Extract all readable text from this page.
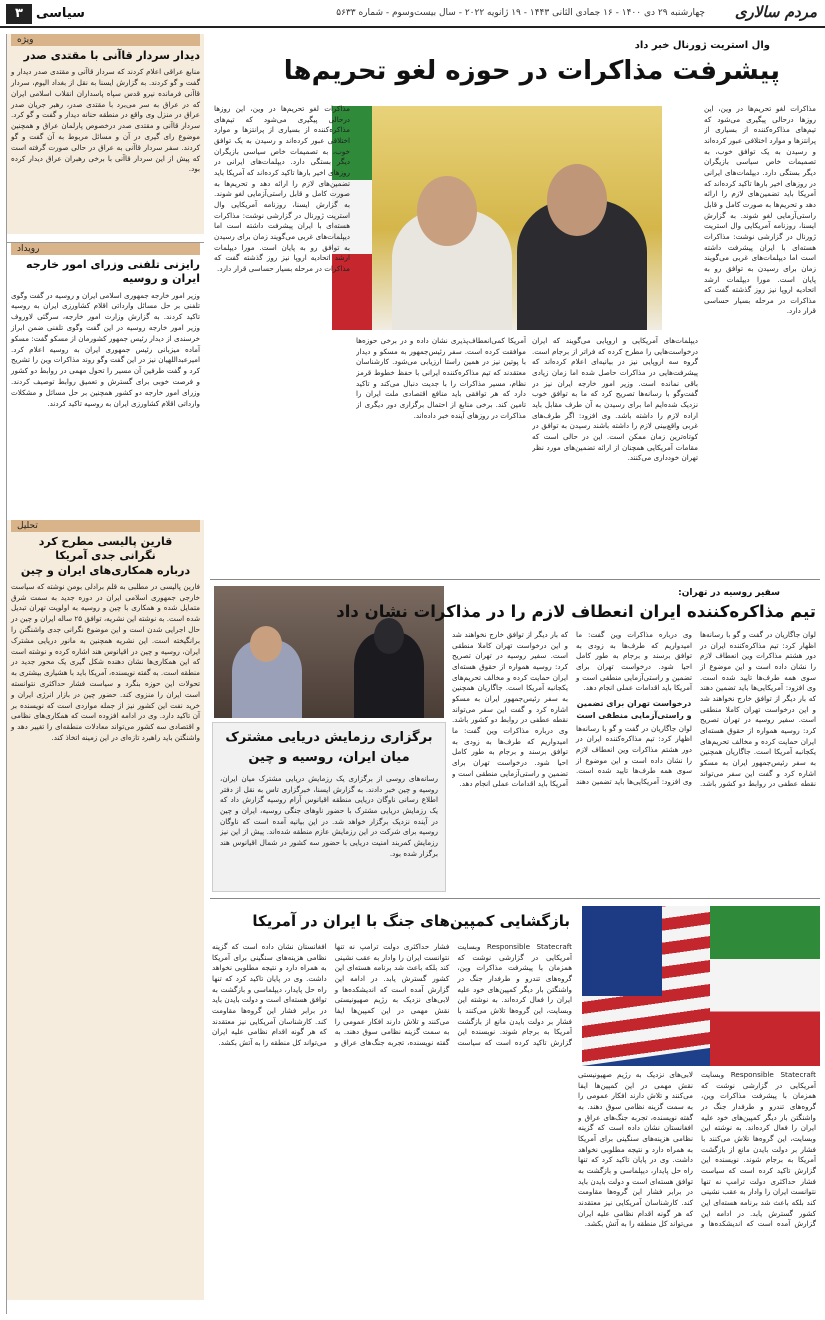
مردم سالاری
چهارشنبه ۲۹ دی ۱۴۰۰ - ۱۶ جمادی الثانی ۱۴۴۳ - ۱۹ ژانویه ۲۰۲۲ - سال بیست‌وسوم - شماره ۵۶۳۳
سیاسی
۳
ویژه
دیدار سردار قاآنی با مقتدی صدر
منابع عراقی اعلام کردند که سردار قاآنی و مقتدی صدر دیدار و گفت و گو کردند. به گزارش ایسنا به نقل از بغداد الیوم، سردار قاآنی فرمانده نیرو قدس سپاه پاسداران انقلاب اسلامی ایران که در عراق به سر می‌برد با مقتدی صدر، رهبر جریان صدر عراق در منزل وی واقع در منطقه حنانه دیدار و گفت و گو کرد. سردار قاآنی و مقتدی صدر درخصوص پارلمان عراق و همچنین موضوع رای گیری در آن و مسائل مربوط به آن گفت و گو کردند. سفر سردار قاآنی به عراق در حالی صورت گرفته است که پیش از این سردار قاآنی با برخی رهبران عراق دیدار کرده بود.
رویداد
رایزنی تلفنی وزرای امور خارجه ایران و روسیه
وزیر امور خارجه جمهوری اسلامی ایران و روسیه در گفت وگوی تلفنی بر حل مسائل وارداتی اقلام کشاورزی ایران به روسیه تاکید کردند. به گزارش وزارت امور خارجه، سرگئی لاوروف وزیر امور خارجه روسیه در این گفت وگوی تلفنی ضمن ابراز خرسندی از دیدار رئیس جمهور کشورمان از مسکو گفت: مسکو آماده میزبانی رئیس جمهوری ایران به روسیه اعلام کرد. امیرعبداللهیان نیز در این گفت وگو روند مذاکرات وین را تشریح کرد و گفت طرفین آن مسیر را تحول مهمی در روابط دو کشور و فرصت خوبی برای گسترش و تعمیق روابط توصیف کردند. وزرای امور خارجه دو کشور همچنین بر حل مسائل و مشکلات وارداتی اقلام کشاورزی ایران به روسیه تاکید کردند.
تحلیل
قارین پالیسی مطرح کرد
نگرانی جدی آمریکا
درباره همکاری‌های ایران و چین
فارین پالیسی در مطلبی به قلم برادلی بومن نوشته که سیاست خارجی جمهوری اسلامی ایران در دوره جدید به سمت شرق متمایل شده و همکاری با چین و روسیه به اولویت تهران تبدیل شده است. به نوشته این نشریه، توافق ۲۵ ساله ایران و چین در حال اجرایی شدن است و این موضوع نگرانی جدی واشنگتن را برانگیخته است. این نشریه همچنین به مانور دریایی مشترک ایران، روسیه و چین در اقیانوس هند اشاره کرده و نوشته است که این همکاری‌ها نشان دهنده شکل گیری یک محور جدید در منطقه است. به گفته نویسنده، آمریکا باید با هشیاری بیشتری به تحولات این حوزه بنگرد و سیاست فشار حداکثری نتوانسته است ایران را منزوی کند. حضور چین در بازار انرژی ایران و خرید نفت این کشور نیز از جمله مواردی است که نویسنده بر آن تاکید دارد. وی در ادامه افزوده است که همکاری‌های نظامی و اقتصادی سه کشور می‌تواند معادلات منطقه‌ای را تغییر دهد و واشنگتن باید راهبرد تازه‌ای در این زمینه اتخاذ کند.
وال استریت ژورنال خبر داد
پیشرفت مذاکرات در حوزه لغو تحریم‌ها
مذاکرات لغو تحریم‌ها در وین، این روزها درحالی پیگیری می‌شود که تیم‌های مذاکره‌کننده از بسیاری از پرانتزها و موارد اختلافی عبور کرده‌اند و رسیدن به یک توافق خوب، به تصمیمات خاص سیاسی بازیگران دیگر بستگی دارد. دیپلمات‌های ایرانی در روزهای اخیر بارها تاکید کرده‌اند که آمریکا باید تضمین‌های لازم را ارائه دهد و تحریم‌ها به صورت کامل و قابل راستی‌آزمایی لغو شوند. به گزارش ایسنا، روزنامه آمریکایی وال استریت ژورنال در گزارشی نوشت: مذاکرات هسته‌ای با ایران پیشرفت داشته است اما دیپلمات‌های غربی می‌گویند زمان برای رسیدن به توافق رو به پایان است. مورا دیپلمات ارشد اتحادیه اروپا نیز روز گذشته گفت که مذاکرات در مرحله بسیار حساسی قرار دارد.
دیپلمات‌های آمریکایی و اروپایی می‌گویند که ایران درخواست‌هایی را مطرح کرده که فراتر از برجام است. گروه سه اروپایی نیز در بیانیه‌ای اعلام کرده‌اند که پیشرفت‌هایی در مذاکرات حاصل شده اما زمان زیادی باقی نمانده است. وزیر امور خارجه ایران نیز در گفت‌وگو با رسانه‌ها تصریح کرد که ما به توافق خوب نزدیک شده‌ایم اما برای رسیدن به آن طرف مقابل باید اراده لازم را داشته باشد. وی افزود: اگر طرف‌های غربی واقع‌بینی لازم را داشته باشند رسیدن به توافق در کوتاه‌ترین زمان ممکن است. این در حالی است که مقامات آمریکایی همچنان از ارائه تضمین‌های مورد نظر تهران خودداری می‌کنند.
آمریکا کمی‌انعطاف‌پذیری نشان داده و در برخی حوزه‌ها موافقت کرده است. سفر رئیس‌جمهور به مسکو و دیدار با پوتین نیز در همین راستا ارزیابی می‌شود. کارشناسان معتقدند که تیم مذاکره‌کننده ایرانی با حفظ خطوط قرمز نظام، مسیر مذاکرات را با جدیت دنبال می‌کند و تاکید دارد که هر توافقی باید منافع اقتصادی ملت ایران را تامین کند. برخی منابع از احتمال برگزاری دور دیگری از مذاکرات در روزهای آینده خبر داده‌اند.
مذاکرات لغو تحریم‌ها در وین، این روزها درحالی پیگیری می‌شود که تیم‌های مذاکره‌کننده از بسیاری از پرانتزها و موارد اختلافی عبور کرده‌اند و رسیدن به یک توافق خوب، به تصمیمات خاص سیاسی بازیگران دیگر بستگی دارد. دیپلمات‌های ایرانی در روزهای اخیر بارها تاکید کرده‌اند که آمریکا باید تضمین‌های لازم را ارائه دهد و تحریم‌ها به صورت کامل و قابل راستی‌آزمایی لغو شوند. به گزارش ایسنا، روزنامه آمریکایی وال استریت ژورنال در گزارشی نوشت: مذاکرات هسته‌ای با ایران پیشرفت داشته است اما دیپلمات‌های غربی می‌گویند زمان برای رسیدن به توافق رو به پایان است. مورا دیپلمات ارشد اتحادیه اروپا نیز روز گذشته گفت که مذاکرات در مرحله بسیار حساسی قرار دارد.
برگزاری رزمایش دریایی مشترک میان ایران، روسیه و چین
رسانه‌های روسی از برگزاری یک رزمایش دریایی مشترک میان ایران، روسیه و چین خبر دادند. به گزارش ایسنا، خبرگزاری تاس به نقل از دفتر اطلاع رسانی ناوگان دریایی منطقه اقیانوس آرام روسیه گزارش داد که یک رزمایش دریایی مشترک با حضور ناوهای جنگی روسیه، ایران و چین در آینده نزدیک برگزار خواهد شد. در این بیانیه آمده است که ناوگان روسیه برای شرکت در این رزمایش عازم منطقه شده‌اند. پیش از این نیز رزمایش کمربند امنیت دریایی با حضور سه کشور در شمال اقیانوس هند برگزار شده بود.
سفیر روسیه در تهران:
تیم مذاکره‌کننده ایران انعطاف لازم را در مذاکرات نشان داد
لوان جاگاریان در گفت و گو با رسانه‌ها اظهار کرد: تیم مذاکره‌کننده ایران در دور هشتم مذاکرات وین انعطاف لازم را نشان داده است و این موضوع از سوی همه طرف‌ها تایید شده است. وی افزود: آمریکایی‌ها باید تضمین دهند که بار دیگر از توافق خارج نخواهند شد و این درخواست تهران کاملا منطقی است. سفیر روسیه در تهران تصریح کرد: روسیه همواره از حقوق هسته‌ای ایران حمایت کرده و مخالف تحریم‌های یکجانبه آمریکا است. جاگاریان همچنین به سفر رئیس‌جمهور ایران به مسکو اشاره کرد و گفت این سفر می‌تواند نقطه عطفی در روابط دو کشور باشد. وی درباره مذاکرات وین گفت: ما امیدواریم که طرف‌ها به زودی به توافق برسند و برجام به طور کامل احیا شود. درخواست تهران برای تضمین و راستی‌آزمایی منطقی است و آمریکا باید اقدامات عملی انجام دهد.
درخواست تهران برای تضمین و راستی‌آزمایی منطقی است
لوان جاگاریان در گفت و گو با رسانه‌ها اظهار کرد: تیم مذاکره‌کننده ایران در دور هشتم مذاکرات وین انعطاف لازم را نشان داده است و این موضوع از سوی همه طرف‌ها تایید شده است. وی افزود: آمریکایی‌ها باید تضمین دهند که بار دیگر از توافق خارج نخواهند شد و این درخواست تهران کاملا منطقی است. سفیر روسیه در تهران تصریح کرد: روسیه همواره از حقوق هسته‌ای ایران حمایت کرده و مخالف تحریم‌های یکجانبه آمریکا است. جاگاریان همچنین به سفر رئیس‌جمهور ایران به مسکو اشاره کرد و گفت این سفر می‌تواند نقطه عطفی در روابط دو کشور باشد. وی درباره مذاکرات وین گفت: ما امیدواریم که طرف‌ها به زودی به توافق برسند و برجام به طور کامل احیا شود. درخواست تهران برای تضمین و راستی‌آزمایی منطقی است و آمریکا باید اقدامات عملی انجام دهد.
بازگشایی کمپین‌های جنگ با ایران در آمریکا
Responsible Statecraft وبسایت آمریکایی در گزارشی نوشت که همزمان با پیشرفت مذاکرات وین، گروه‌های تندرو و طرفدار جنگ در واشنگتن بار دیگر کمپین‌های خود علیه ایران را فعال کرده‌اند. به نوشته این وبسایت، این گروه‌ها تلاش می‌کنند با فشار بر دولت بایدن مانع از بازگشت آمریکا به برجام شوند. نویسنده این گزارش تاکید کرده است که سیاست فشار حداکثری دولت ترامپ نه تنها نتوانست ایران را وادار به عقب نشینی کند بلکه باعث شد برنامه هسته‌ای این کشور گسترش یابد. در ادامه این گزارش آمده است که اندیشکده‌ها و لابی‌های نزدیک به رژیم صهیونیستی نقش مهمی در این کمپین‌ها ایفا می‌کنند و تلاش دارند افکار عمومی را به سمت گزینه نظامی سوق دهند. به گفته نویسنده، تجربه جنگ‌های عراق و افغانستان نشان داده است که گزینه نظامی هزینه‌های سنگینی برای آمریکا به همراه دارد و نتیجه مطلوبی نخواهد داشت. وی در پایان تاکید کرد که تنها راه حل پایدار، دیپلماسی و بازگشت به توافق هسته‌ای است و دولت بایدن باید در برابر فشار این گروه‌ها مقاومت کند. کارشناسان آمریکایی نیز معتقدند که هر گونه اقدام نظامی علیه ایران می‌تواند کل منطقه را به آتش بکشد.
Responsible Statecraft وبسایت آمریکایی در گزارشی نوشت که همزمان با پیشرفت مذاکرات وین، گروه‌های تندرو و طرفدار جنگ در واشنگتن بار دیگر کمپین‌های خود علیه ایران را فعال کرده‌اند. به نوشته این وبسایت، این گروه‌ها تلاش می‌کنند با فشار بر دولت بایدن مانع از بازگشت آمریکا به برجام شوند. نویسنده این گزارش تاکید کرده است که سیاست فشار حداکثری دولت ترامپ نه تنها نتوانست ایران را وادار به عقب نشینی کند بلکه باعث شد برنامه هسته‌ای این کشور گسترش یابد. در ادامه این گزارش آمده است که اندیشکده‌ها و لابی‌های نزدیک به رژیم صهیونیستی نقش مهمی در این کمپین‌ها ایفا می‌کنند و تلاش دارند افکار عمومی را به سمت گزینه نظامی سوق دهند. به گفته نویسنده، تجربه جنگ‌های عراق و افغانستان نشان داده است که گزینه نظامی هزینه‌های سنگینی برای آمریکا به همراه دارد و نتیجه مطلوبی نخواهد داشت. وی در پایان تاکید کرد که تنها راه حل پایدار، دیپلماسی و بازگشت به توافق هسته‌ای است و دولت بایدن باید در برابر فشار این گروه‌ها مقاومت کند. کارشناسان آمریکایی نیز معتقدند که هر گونه اقدام نظامی علیه ایران می‌تواند کل منطقه را به آتش بکشد.
